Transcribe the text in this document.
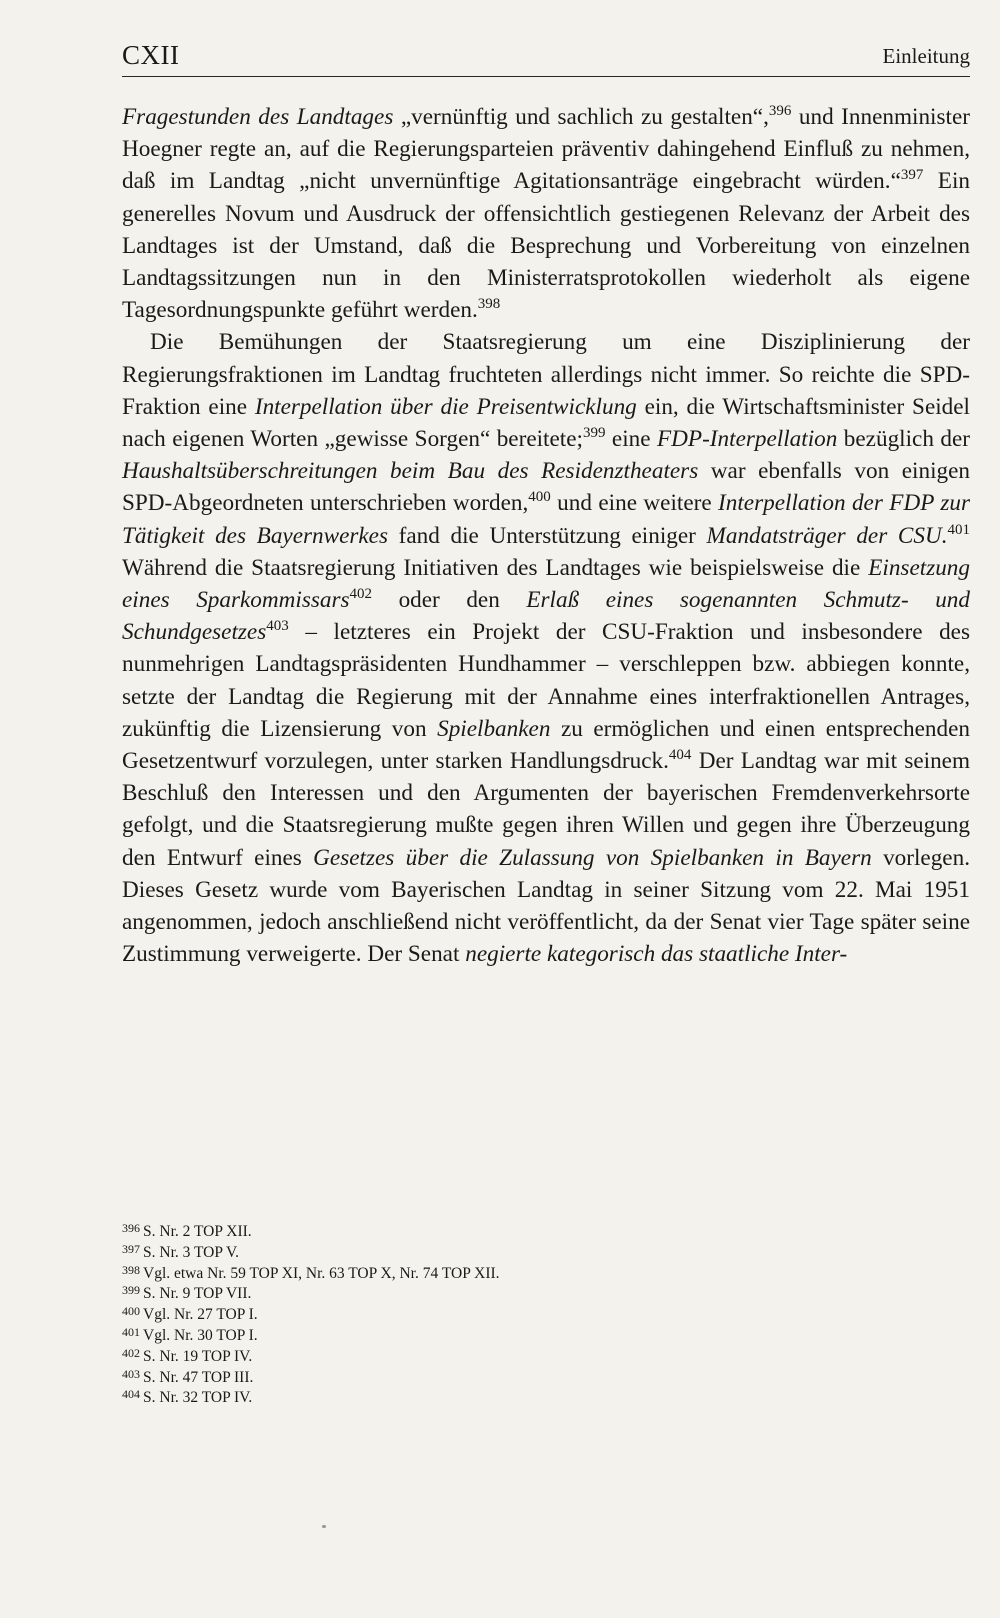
CXII	Einleitung

Fragestunden des Landtages „vernünftig und sachlich zu gestalten“,$^{396}$ und Innenminister Hoegner regte an, auf die Regierungsparteien präventiv dahingehend Einfluß zu nehmen, daß im Landtag „nicht unvernünftige Agitationsanträge eingebracht würden.“$^{397}$ Ein generelles Novum und Ausdruck der offensichtlich gestiegenen Relevanz der Arbeit des Landtages ist der Umstand, daß die Besprechung und Vorbereitung von einzelnen Landtagssitzungen nun in den Ministerratsprotokollen wiederholt als eigene Tagesordnungspunkte geführt werden.$^{398}$

Die Bemühungen der Staatsregierung um eine Disziplinierung der Regierungsfraktionen im Landtag fruchteten allerdings nicht immer. So reichte die SPD-Fraktion eine Interpellation über die Preisentwicklung ein, die Wirtschaftsminister Seidel nach eigenen Worten „gewisse Sorgen“ bereitete;$^{399}$ eine FDP-Interpellation bezüglich der Haushaltsüberschreitungen beim Bau des Residenztheaters war ebenfalls von einigen SPD-Abgeordneten unterschrieben worden,$^{400}$ und eine weitere Interpellation der FDP zur Tätigkeit des Bayernwerkes fand die Unterstützung einiger Mandatsträger der CSU.$^{401}$ Während die Staatsregierung Initiativen des Landtages wie beispielsweise die Einsetzung eines Sparkommissars$^{402}$ oder den Erlaß eines sogenannten Schmutz- und Schundgesetzes$^{403}$ – letzteres ein Projekt der CSU-Fraktion und insbesondere des nunmehrigen Landtagspräsidenten Hundhammer – verschleppen bzw. abbiegen konnte, setzte der Landtag die Regierung mit der Annahme eines interfraktionellen Antrages, zukünftig die Lizensierung von Spielbanken zu ermöglichen und einen entsprechenden Gesetzentwurf vorzulegen, unter starken Handlungsdruck.$^{404}$ Der Landtag war mit seinem Beschluß den Interessen und den Argumenten der bayerischen Fremdenverkehrsorte gefolgt, und die Staatsregierung mußte gegen ihren Willen und gegen ihre Überzeugung den Entwurf eines Gesetzes über die Zulassung von Spielbanken in Bayern vorlegen. Dieses Gesetz wurde vom Bayerischen Landtag in seiner Sitzung vom 22. Mai 1951 angenommen, jedoch anschließend nicht veröffentlicht, da der Senat vier Tage später seine Zustimmung verweigerte. Der Senat negierte kategorisch das staatliche Inter-

$^{396}$ S. Nr. 2 TOP XII.
$^{397}$ S. Nr. 3 TOP V.
$^{398}$ Vgl. etwa Nr. 59 TOP XI, Nr. 63 TOP X, Nr. 74 TOP XII.
$^{399}$ S. Nr. 9 TOP VII.
$^{400}$ Vgl. Nr. 27 TOP I.
$^{401}$ Vgl. Nr. 30 TOP I.
$^{402}$ S. Nr. 19 TOP IV.
$^{403}$ S. Nr. 47 TOP III.
$^{404}$ S. Nr. 32 TOP IV.
